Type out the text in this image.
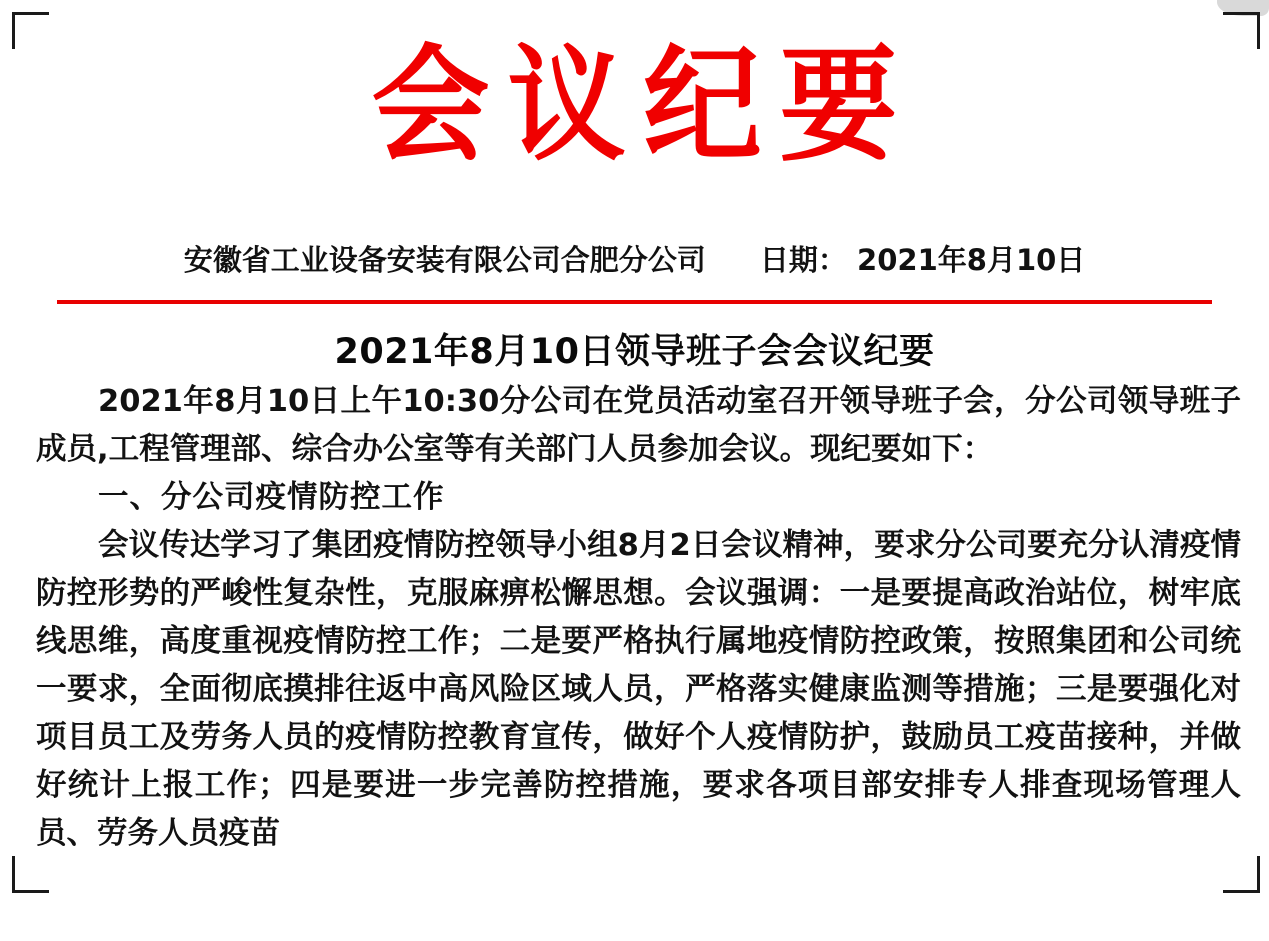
会议纪要
安徽省工业设备安装有限公司合肥分公司 日期： 2021年8月10日
2021年8月10日领导班子会会议纪要

2021年8月10日上午10:30分公司在党员活动室召开领导班子会，分公司领导班子成员,工程管理部、综合办公室等有关部门人员参加会议。现纪要如下：

一、分公司疫情防控工作

会议传达学习了集团疫情防控领导小组8月2日会议精神，要求分公司要充分认清疫情防控形势的严峻性复杂性，克服麻痹松懈思想。会议强调：一是要提高政治站位，树牢底线思维，高度重视疫情防控工作；二是要严格执行属地疫情防控政策，按照集团和公司统一要求，全面彻底摸排往返中高风险区域人员，严格落实健康监测等措施；三是要强化对项目员工及劳务人员的疫情防控教育宣传，做好个人疫情防护，鼓励员工疫苗接种，并做好统计上报工作；四是要进一步完善防控措施，要求各项目部安排专人排查现场管理人员、劳务人员疫苗
